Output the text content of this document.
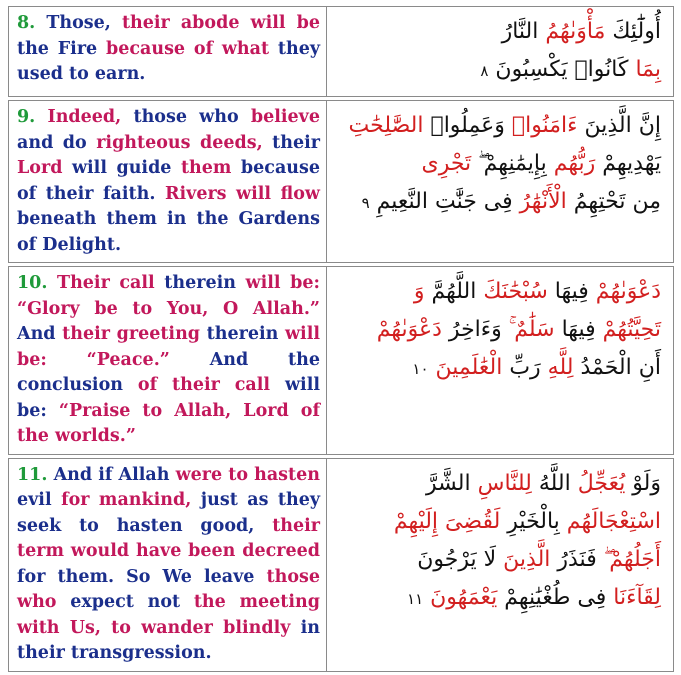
8. Those, their abode will be the Fire because of what they used to earn.
أُولَٰٓئِكَ مَأْوَىٰهُمُ النَّارُ
بِمَا كَانُوا۟ يَكْسِبُونَ ٨
9. Indeed, those who believe and do righteous deeds, their Lord will guide them because of their faith. Rivers will flow beneath them in the Gardens of Delight.
إِنَّ الَّذِينَ ءَامَنُوا۟ وَعَمِلُوا۟ الصَّٰلِحَٰتِ
يَهْدِيهِمْ رَبُّهُم بِإِيمَٰنِهِمْ ۖ تَجْرِى
مِن تَحْتِهِمُ الْأَنْهَٰرُ فِى جَنَّٰتِ النَّعِيمِ ٩
10. Their call therein will be: “Glory be to You, O Allah.” And their greeting therein will be: “Peace.” And the conclusion of their call will be: “Praise to Allah, Lord of the worlds.”
دَعْوَىٰهُمْ فِيهَا سُبْحَٰنَكَ اللَّهُمَّ وَ
تَحِيَّتُهُمْ فِيهَا سَلَٰمٌ ۚ وَءَاخِرُ دَعْوَىٰهُمْ
أَنِ الْحَمْدُ لِلَّهِ رَبِّ الْعَٰلَمِينَ ١٠
11. And if Allah were to hasten evil for mankind, just as they seek to hasten good, their term would have been decreed for them. So We leave those who expect not the meeting with Us, to wander blindly in their transgression.
وَلَوْ يُعَجِّلُ اللَّهُ لِلنَّاسِ الشَّرَّ
اسْتِعْجَالَهُم بِالْخَيْرِ لَقُضِىَ إِلَيْهِمْ
أَجَلُهُمْ ۖ فَنَذَرُ الَّذِينَ لَا يَرْجُونَ
لِقَآءَنَا فِى طُغْيَٰنِهِمْ يَعْمَهُونَ ١١
